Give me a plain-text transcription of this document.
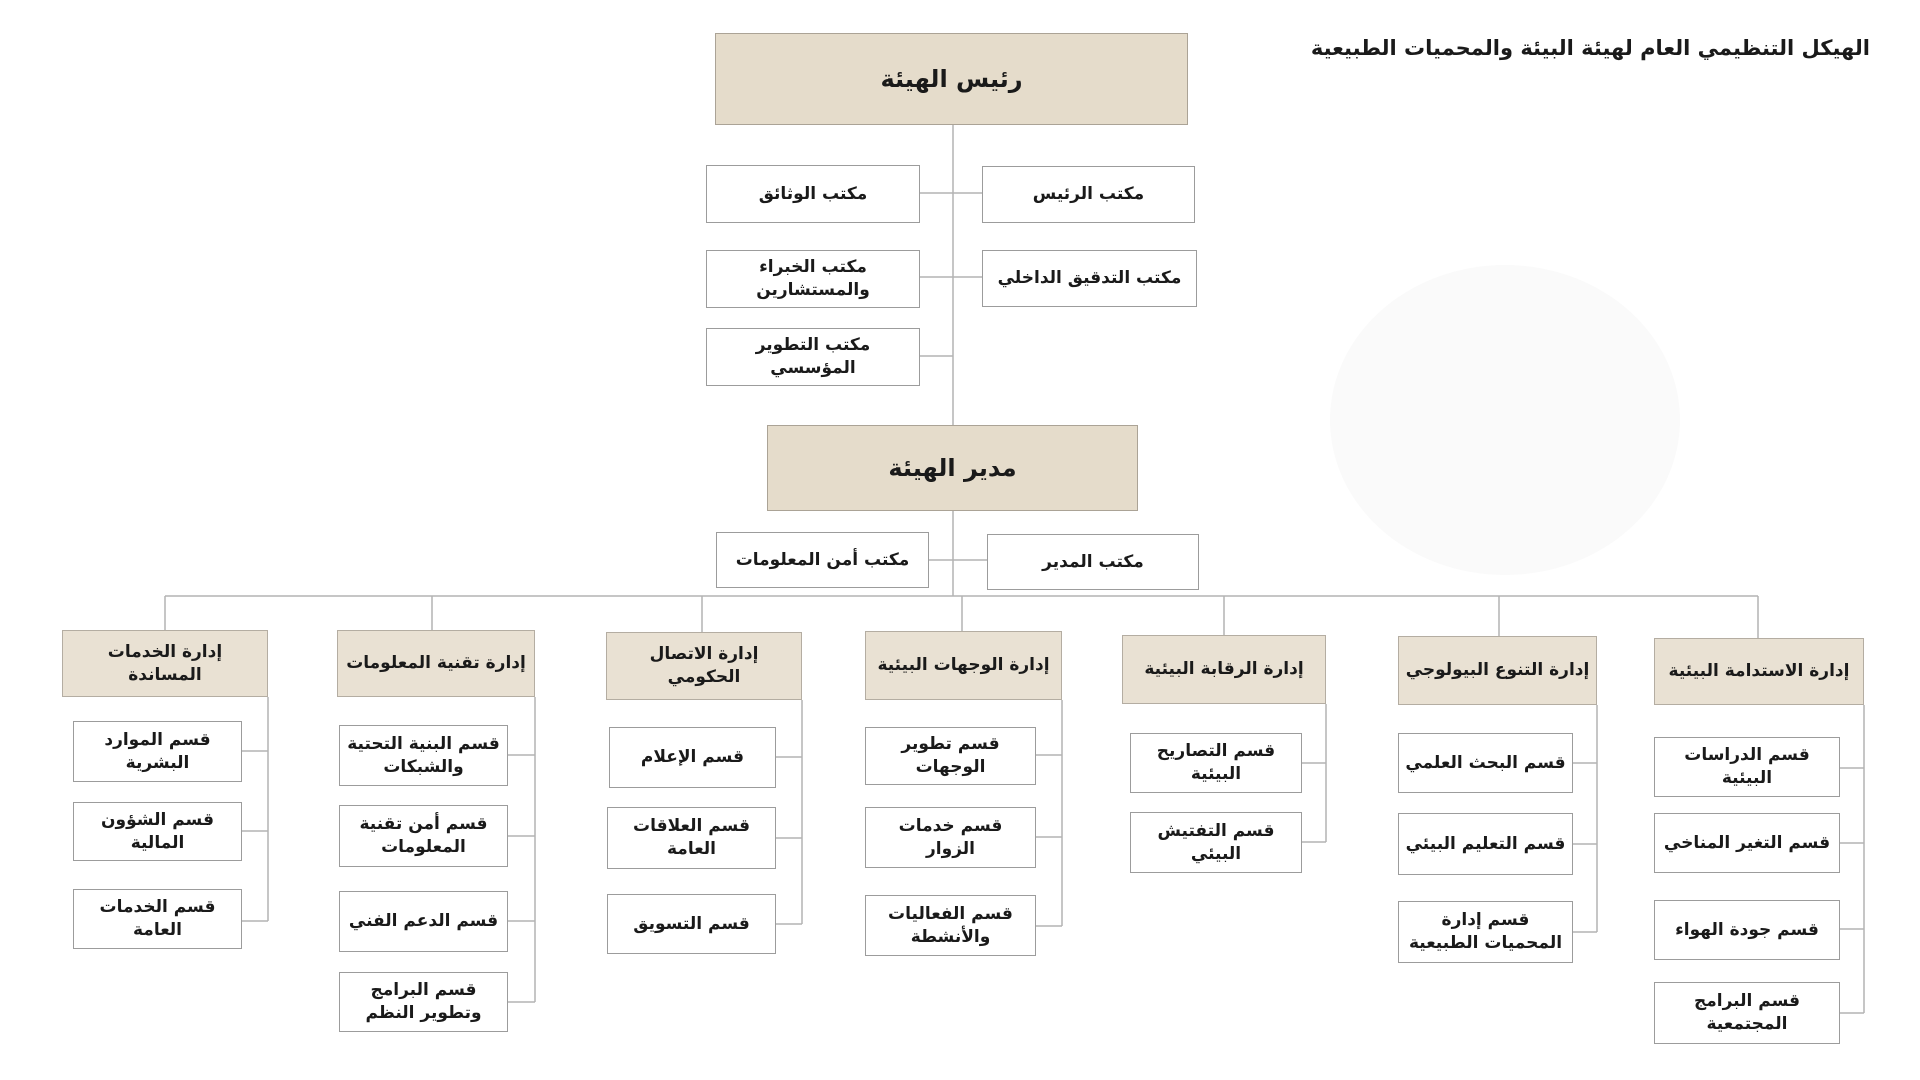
الهيكل التنظيمي العام لهيئة البيئة والمحميات الطبيعية
رئيس الهيئة
مكتب الرئيس
مكتب الوثائق
مكتب التدقيق الداخلي
مكتب الخبراء والمستشارين
مكتب التطوير المؤسسي
مدير الهيئة
مكتب المدير
مكتب أمن المعلومات
إدارة الاستدامة البيئية
قسم الدراسات البيئية
قسم التغير المناخي
قسم جودة الهواء
قسم البرامج المجتمعية
إدارة التنوع البيولوجي
قسم البحث العلمي
قسم التعليم البيئي
قسم إدارة المحميات الطبيعية
إدارة الرقابة البيئية
قسم التصاريح البيئية
قسم التفتيش البيئي
إدارة الوجهات البيئية
قسم تطوير الوجهات
قسم خدمات الزوار
قسم الفعاليات والأنشطة
إدارة الاتصال الحكومي
قسم الإعلام
قسم العلاقات العامة
قسم التسويق
إدارة تقنية المعلومات
قسم البنية التحتية والشبكات
قسم أمن تقنية المعلومات
قسم الدعم الفني
قسم البرامج وتطوير النظم
إدارة الخدمات المساندة
قسم الموارد البشرية
قسم الشؤون المالية
قسم الخدمات العامة
